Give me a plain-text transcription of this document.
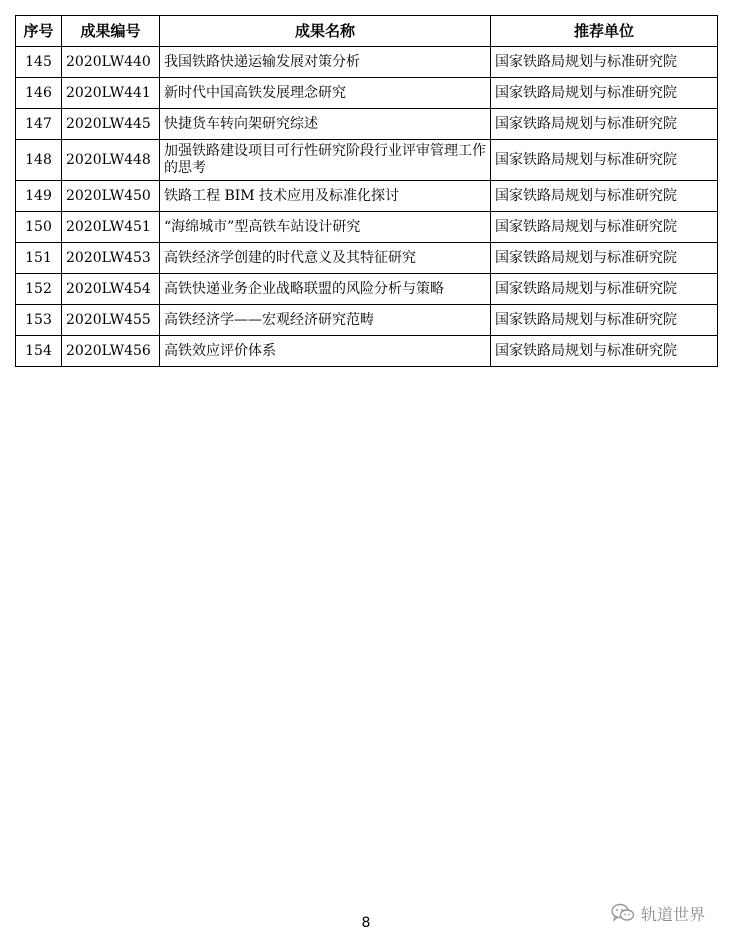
序号	成果编号	成果名称	推荐单位
145	2020LW440	我国铁路快递运输发展对策分析	国家铁路局规划与标准研究院
146	2020LW441	新时代中国高铁发展理念研究	国家铁路局规划与标准研究院
147	2020LW445	快捷货车转向架研究综述	国家铁路局规划与标准研究院
148	2020LW448	加强铁路建设项目可行性研究阶段行业评审管理工作的思考	国家铁路局规划与标准研究院
149	2020LW450	铁路工程 BIM 技术应用及标准化探讨	国家铁路局规划与标准研究院
150	2020LW451	“海绵城市”型高铁车站设计研究	国家铁路局规划与标准研究院
151	2020LW453	高铁经济学创建的时代意义及其特征研究	国家铁路局规划与标准研究院
152	2020LW454	高铁快递业务企业战略联盟的风险分析与策略	国家铁路局规划与标准研究院
153	2020LW455	高铁经济学——宏观经济研究范畴	国家铁路局规划与标准研究院
154	2020LW456	高铁效应评价体系	国家铁路局规划与标准研究院
8	轨道世界
